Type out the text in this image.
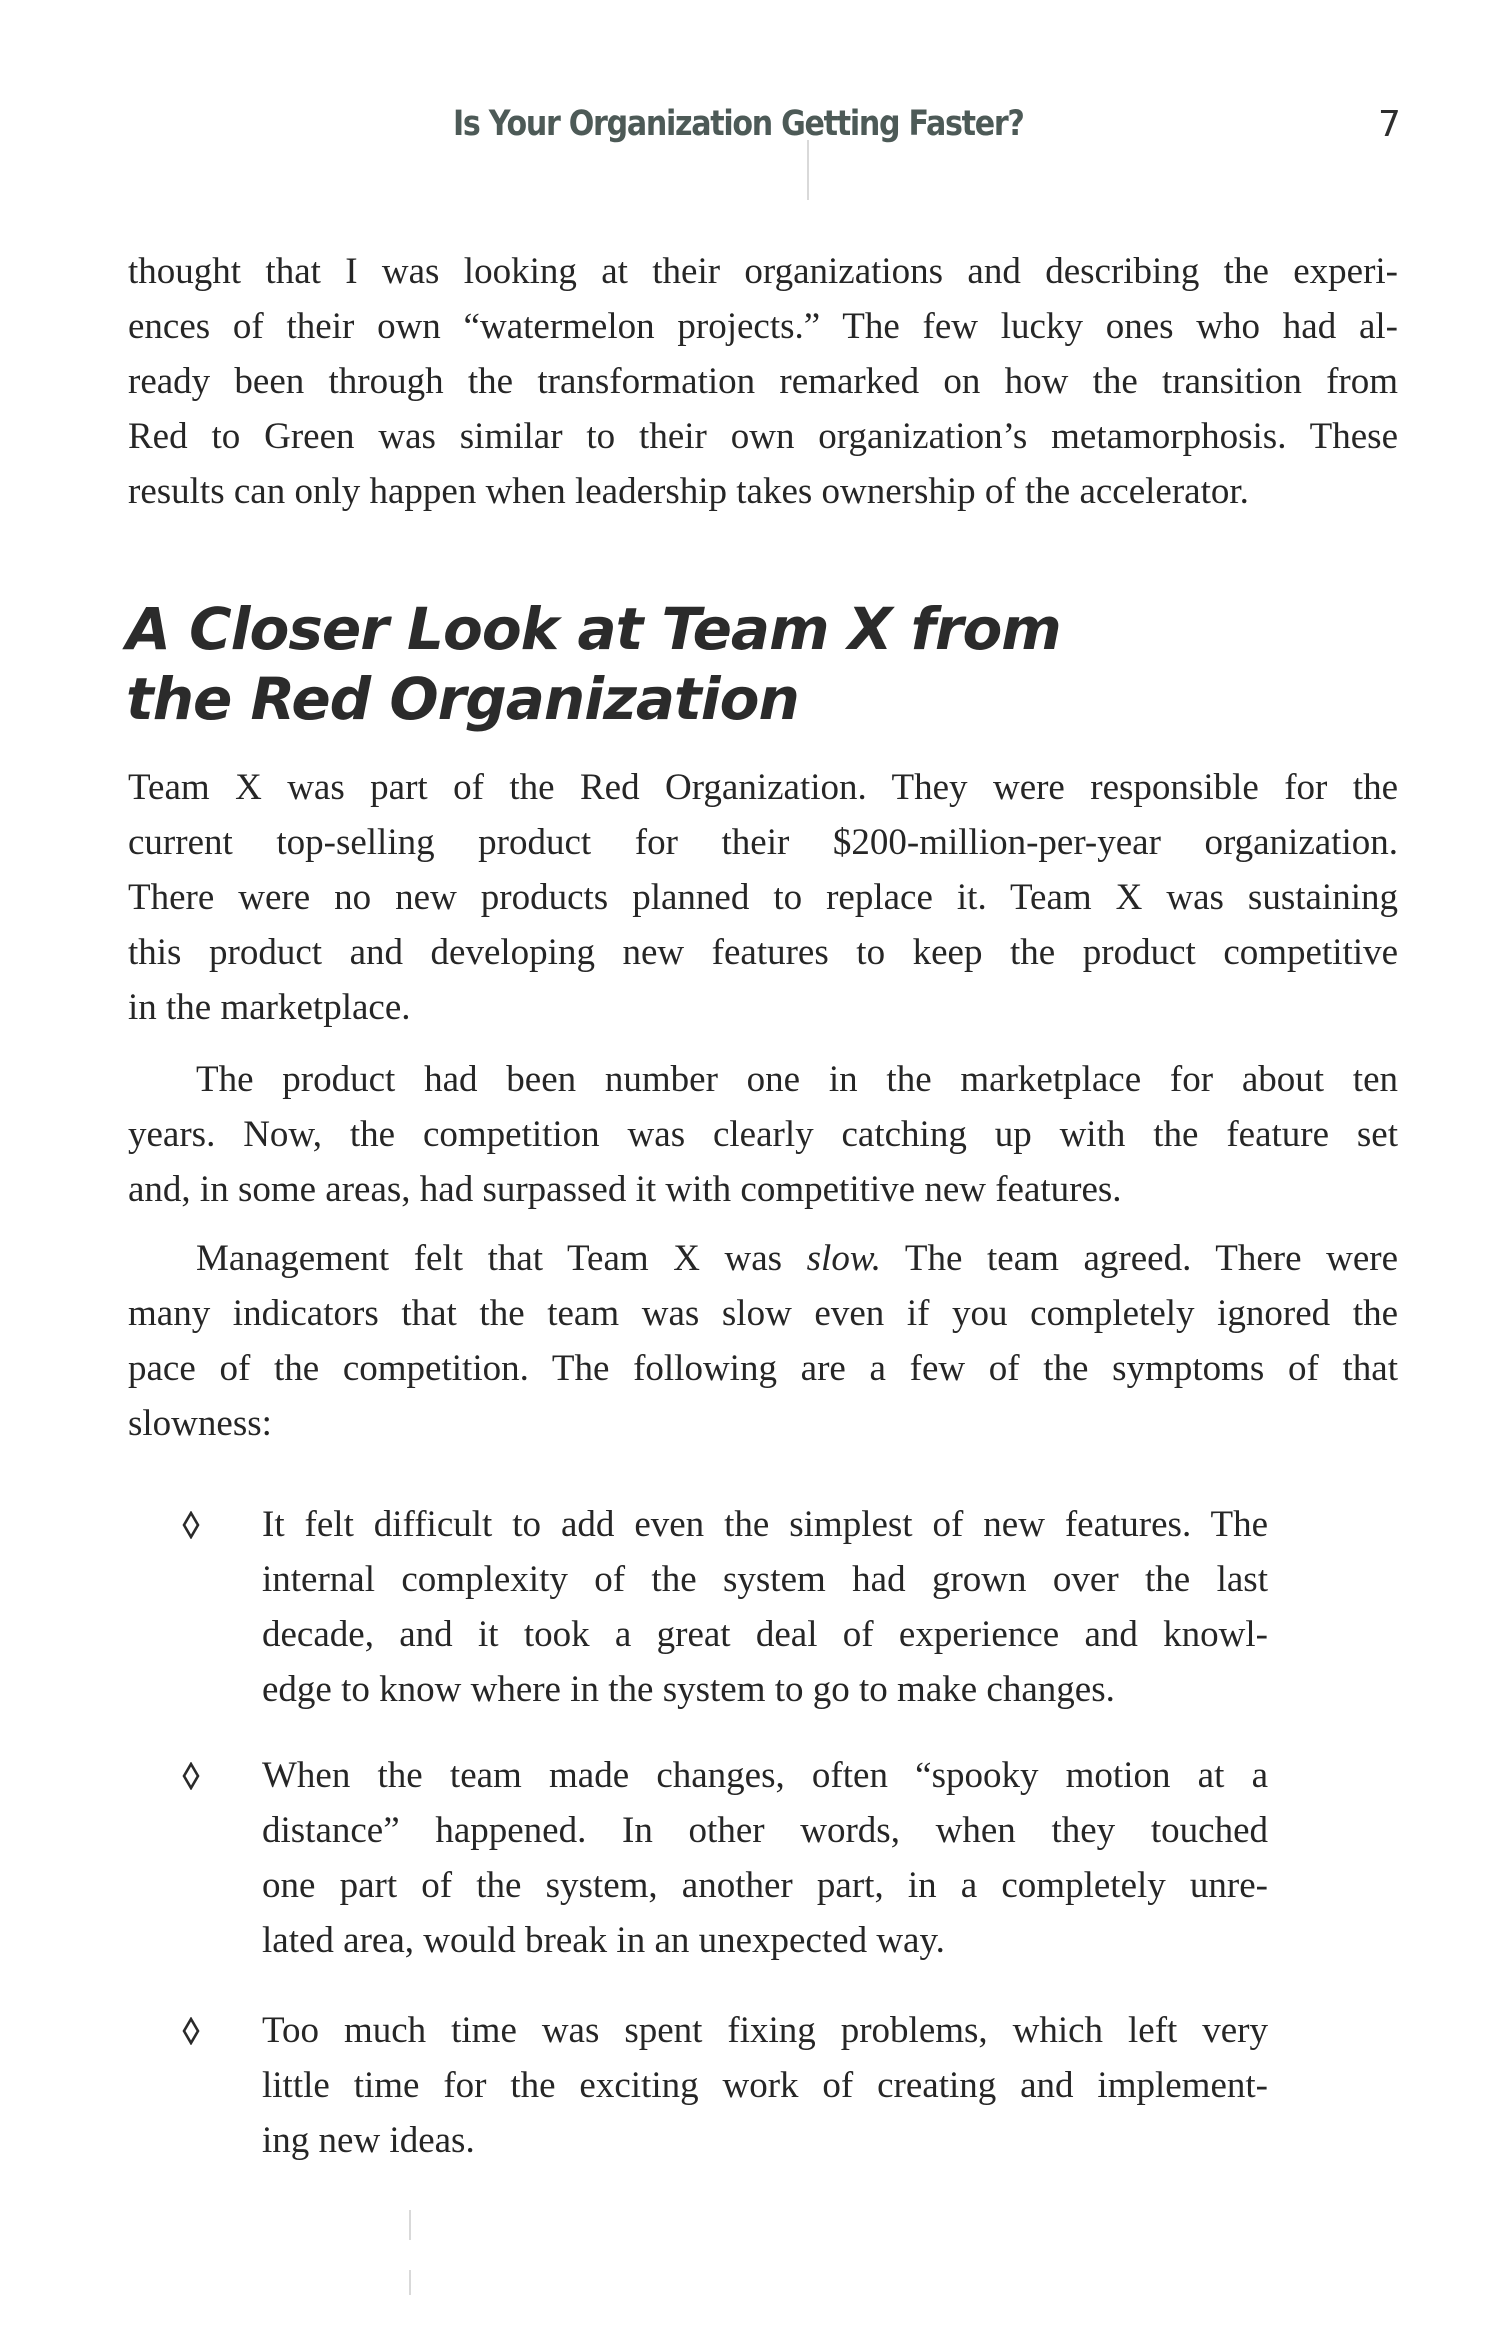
Is Your Organization Getting Faster?	7
thought that I was looking at their organizations and describing the experi-
ences of their own “watermelon projects.” The few lucky ones who had al-
ready been through the transformation remarked on how the transition from
Red to Green was similar to their own organization’s metamorphosis. These
results can only happen when leadership takes ownership of the accelerator.
A Closer Look at Team X from
the Red Organization
Team X was part of the Red Organization. They were responsible for the
current top-selling product for their $200-million-per-year organization.
There were no new products planned to replace it. Team X was sustaining
this product and developing new features to keep the product competitive
in the marketplace.
The product had been number one in the marketplace for about ten
years. Now, the competition was clearly catching up with the feature set
and, in some areas, had surpassed it with competitive new features.
Management felt that Team X was slow. The team agreed. There were
many indicators that the team was slow even if you completely ignored the
pace of the competition. The following are a few of the symptoms of that
slowness:
It felt difficult to add even the simplest of new features. The
internal complexity of the system had grown over the last
decade, and it took a great deal of experience and knowl-
edge to know where in the system to go to make changes.
When the team made changes, often “spooky motion at a
distance” happened. In other words, when they touched
one part of the system, another part, in a completely unre-
lated area, would break in an unexpected way.
Too much time was spent fixing problems, which left very
little time for the exciting work of creating and implement-
ing new ideas.
